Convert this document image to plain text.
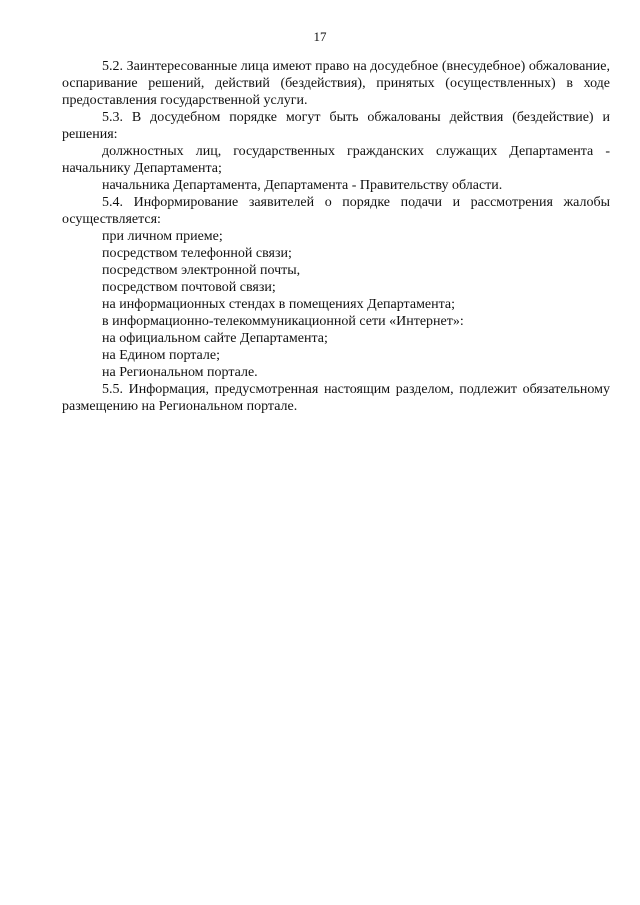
17

5.2. Заинтересованные лица имеют право на досудебное (внесудебное) обжалование, оспаривание решений, действий (бездействия), принятых (осуществленных) в ходе предоставления государственной услуги.

5.3. В досудебном порядке могут быть обжалованы действия (бездействие) и решения:

должностных лиц, государственных гражданских служащих Департамента - начальнику Департамента;

начальника Департамента, Департамента - Правительству области.

5.4. Информирование заявителей о порядке подачи и рассмотрения жалобы осуществляется:

при личном приеме;

посредством телефонной связи;

посредством электронной почты,

посредством почтовой связи;

на информационных стендах в помещениях Департамента;

в информационно-телекоммуникационной сети «Интернет»:

на официальном сайте Департамента;

на Едином портале;

на Региональном портале.

5.5. Информация, предусмотренная настоящим разделом, подлежит обязательному размещению на Региональном портале.
